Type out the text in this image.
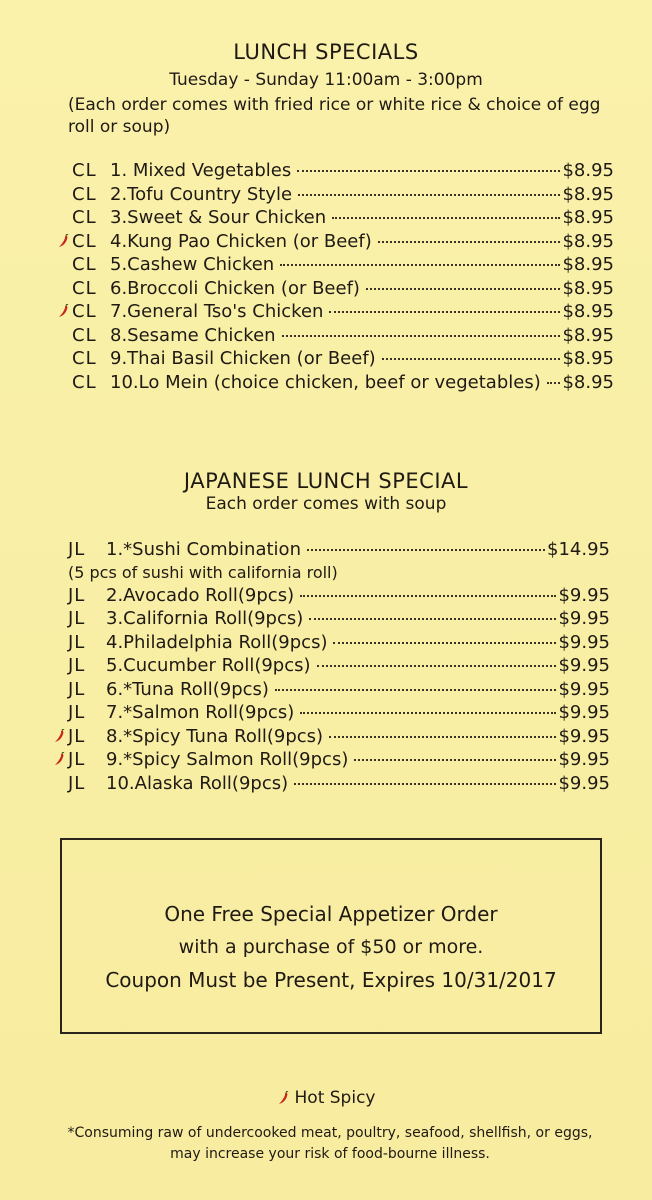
LUNCH SPECIALS
Tuesday - Sunday 11:00am - 3:00pm
(Each order comes with fried rice or white rice & choice of egg roll or soup)
CL 1. Mixed Vegetables	$8.95
CL 2.Tofu Country Style	$8.95
CL 3.Sweet & Sour Chicken	$8.95
CL 4.Kung Pao Chicken (or Beef)	$8.95
CL 5.Cashew Chicken	$8.95
CL 6.Broccoli Chicken (or Beef)	$8.95
CL 7.General Tso's Chicken	$8.95
CL 8.Sesame Chicken	$8.95
CL 9.Thai Basil Chicken (or Beef)	$8.95
CL 10.Lo Mein (choice chicken, beef or vegetables) $8.95
JAPANESE LUNCH SPECIAL
Each order comes with soup
JL	1.*Sushi Combination	$14.95
(5 pcs of sushi with california roll)
JL	2.Avocado Roll(9pcs)	$9.95
JL	3.California Roll(9pcs)	$9.95
JL	4.Philadelphia Roll(9pcs)	$9.95
JL	5.Cucumber Roll(9pcs)	$9.95
JL	6.*Tuna Roll(9pcs)	$9.95
JL	7.*Salmon Roll(9pcs)	$9.95
JL	8.*Spicy Tuna Roll(9pcs)	$9.95
JL	9.*Spicy Salmon Roll(9pcs)	$9.95
JL	10.Alaska Roll(9pcs)	$9.95
One Free Special Appetizer Order
with a purchase of $50 or more.
Coupon Must be Present, Expires 10/31/2017
Hot Spicy
*Consuming raw of undercooked meat, poultry, seafood, shellfish, or eggs,
may increase your risk of food-bourne illness.
